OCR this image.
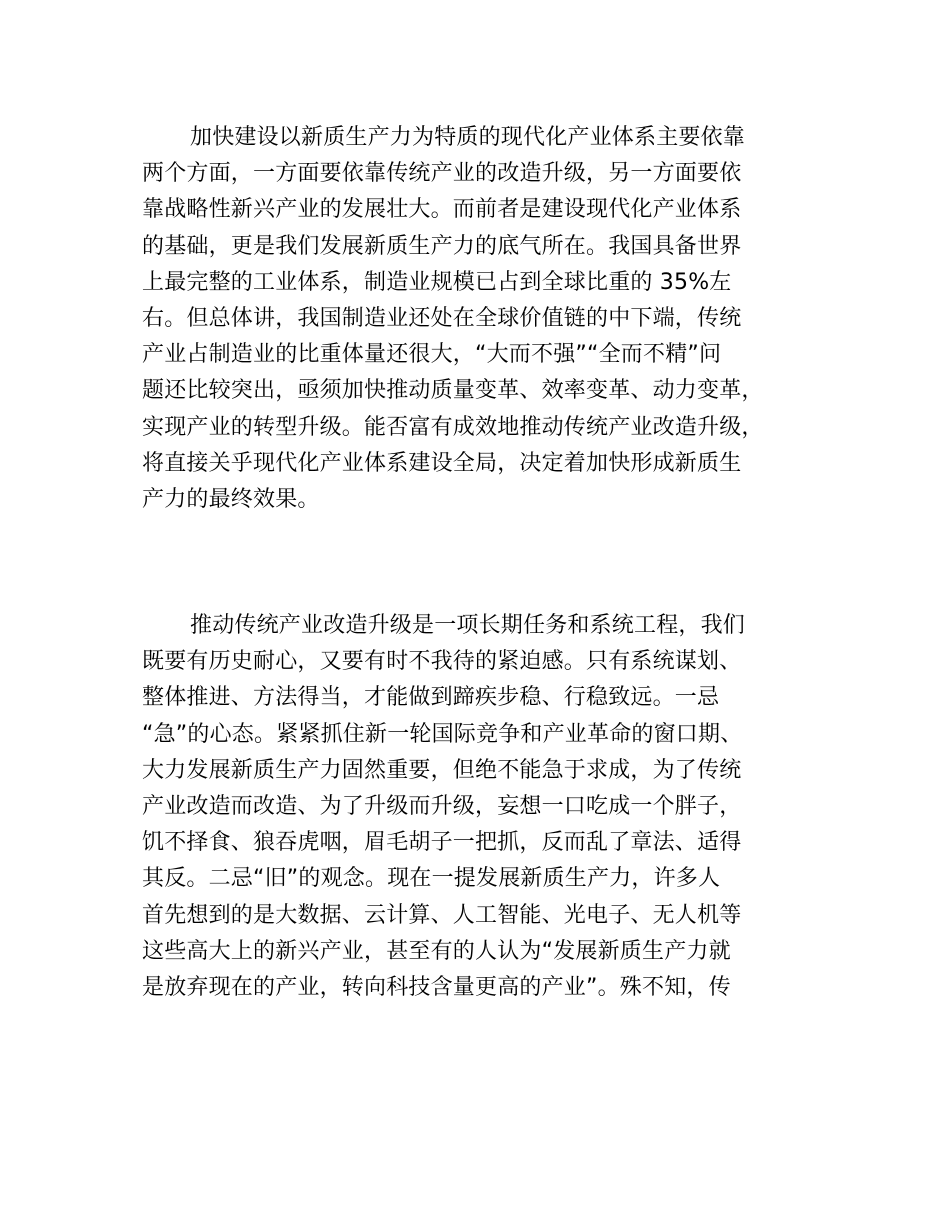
加快建设以新质生产力为特质的现代化产业体系主要依靠
两个方面，一方面要依靠传统产业的改造升级，另一方面要依
靠战略性新兴产业的发展壮大。而前者是建设现代化产业体系
的基础，更是我们发展新质生产力的底气所在。我国具备世界
上最完整的工业体系，制造业规模已占到全球比重的 35%左
右。但总体讲，我国制造业还处在全球价值链的中下端，传统
产业占制造业的比重体量还很大，“大而不强”“全而不精”问
题还比较突出，亟须加快推动质量变革、效率变革、动力变革，
实现产业的转型升级。能否富有成效地推动传统产业改造升级，
将直接关乎现代化产业体系建设全局，决定着加快形成新质生
产力的最终效果。
推动传统产业改造升级是一项长期任务和系统工程，我们
既要有历史耐心，又要有时不我待的紧迫感。只有系统谋划、
整体推进、方法得当，才能做到蹄疾步稳、行稳致远。一忌
“急”的心态。紧紧抓住新一轮国际竞争和产业革命的窗口期、
大力发展新质生产力固然重要，但绝不能急于求成，为了传统
产业改造而改造、为了升级而升级，妄想一口吃成一个胖子，
饥不择食、狼吞虎咽，眉毛胡子一把抓，反而乱了章法、适得
其反。二忌“旧”的观念。现在一提发展新质生产力，许多人
首先想到的是大数据、云计算、人工智能、光电子、无人机等
这些高大上的新兴产业，甚至有的人认为“发展新质生产力就
是放弃现在的产业，转向科技含量更高的产业”。殊不知，传
